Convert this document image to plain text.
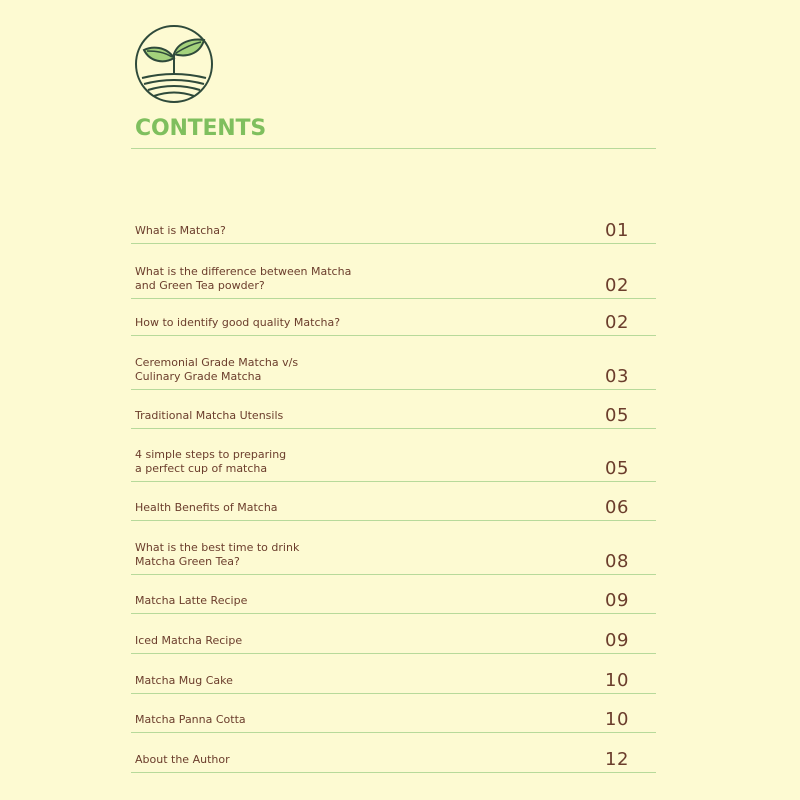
CONTENTS
What is Matcha?	01
What is the difference between Matcha
and Green Tea powder?	02
How to identify good quality Matcha?	02
Ceremonial Grade Matcha v/s
Culinary Grade Matcha	03
Traditional Matcha Utensils	05
4 simple steps to preparing
a perfect cup of matcha	05
Health Benefits of Matcha	06
What is the best time to drink
Matcha Green Tea?	08
Matcha Latte Recipe	09
Iced Matcha Recipe	09
Matcha Mug Cake	10
Matcha Panna Cotta	10
About the Author	12
